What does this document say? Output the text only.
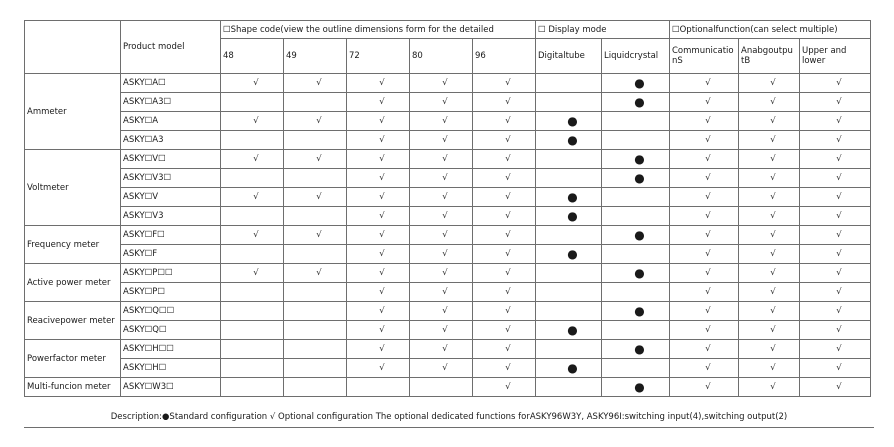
	Product model	☐Shape code(view the outline dimensions form for the detailed					☐ Display mode		☐Optionalfunction(can select multiple)		
		48	49	72	80	96	Digitaltube	Liquidcrystal	Communicatio nS	Anabgoutpu tB	Upper and lower
Ammeter	ASKY☐A☐	√	√	√	√	√		●	√	√	√
	ASKY☐A3☐			√	√	√		●	√	√	√
	ASKY☐A	√	√	√	√	√	●		√	√	√
	ASKY☐A3			√	√	√	●		√	√	√
Voltmeter	ASKY☐V☐	√	√	√	√	√		●	√	√	√
	ASKY☐V3☐			√	√	√		●	√	√	√
	ASKY☐V	√	√	√	√	√	●		√	√	√
	ASKY☐V3			√	√	√	●		√	√	√
Frequency meter	ASKY☐F☐	√	√	√	√	√		●	√	√	√
	ASKY☐F			√	√	√	●		√	√	√
Active power meter	ASKY☐P☐☐	√	√	√	√	√		●	√	√	√
	ASKY☐P☐			√	√	√			√	√	√
Reacivepower meter	ASKY☐Q☐☐			√	√	√		●	√	√	√
	ASKY☐Q☐			√	√	√	●		√	√	√
Powerfactor meter	ASKY☐H☐☐			√	√	√		●	√	√	√
	ASKY☐H☐			√	√	√	●		√	√	√
Multi-funcion meter	ASKY☐W3☐					√		●	√	√	√
Description:●Standard configuration √ Optional configuration The optional dedicated functions forASKY96W3Y, ASKY96I:switching input(4),switching output(2)
